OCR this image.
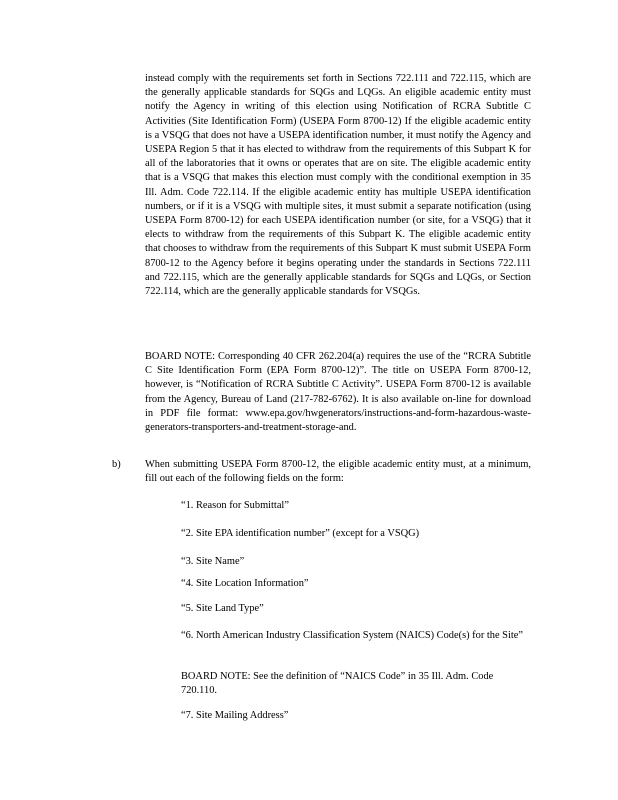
instead comply with the requirements set forth in Sections 722.111 and 722.115, which are the generally applicable standards for SQGs and LQGs. An eligible academic entity must notify the Agency in writing of this election using Notification of RCRA Subtitle C Activities (Site Identification Form) (USEPA Form 8700-12) If the eligible academic entity is a VSQG that does not have a USEPA identification number, it must notify the Agency and USEPA Region 5 that it has elected to withdraw from the requirements of this Subpart K for all of the laboratories that it owns or operates that are on site. The eligible academic entity that is a VSQG that makes this election must comply with the conditional exemption in 35 Ill. Adm. Code 722.114. If the eligible academic entity has multiple USEPA identification numbers, or if it is a VSQG with multiple sites, it must submit a separate notification (using USEPA Form 8700-12) for each USEPA identification number (or site, for a VSQG) that it elects to withdraw from the requirements of this Subpart K. The eligible academic entity that chooses to withdraw from the requirements of this Subpart K must submit USEPA Form 8700-12 to the Agency before it begins operating under the standards in Sections 722.111 and 722.115, which are the generally applicable standards for SQGs and LQGs, or Section 722.114, which are the generally applicable standards for VSQGs.
BOARD NOTE: Corresponding 40 CFR 262.204(a) requires the use of the “RCRA Subtitle C Site Identification Form (EPA Form 8700-12)”. The title on USEPA Form 8700-12, however, is “Notification of RCRA Subtitle C Activity”. USEPA Form 8700-12 is available from the Agency, Bureau of Land (217-782-6762). It is also available on-line for download in PDF file format: www.epa.gov/hwgenerators/instructions-and-form-hazardous-waste-generators-transporters-and-treatment-storage-and.
b) When submitting USEPA Form 8700-12, the eligible academic entity must, at a minimum, fill out each of the following fields on the form:
“1. Reason for Submittal”
“2. Site EPA identification number” (except for a VSQG)
“3. Site Name”
“4. Site Location Information”
“5. Site Land Type”
“6. North American Industry Classification System (NAICS) Code(s) for the Site”
BOARD NOTE: See the definition of “NAICS Code” in 35 Ill. Adm. Code 720.110.
“7. Site Mailing Address”
